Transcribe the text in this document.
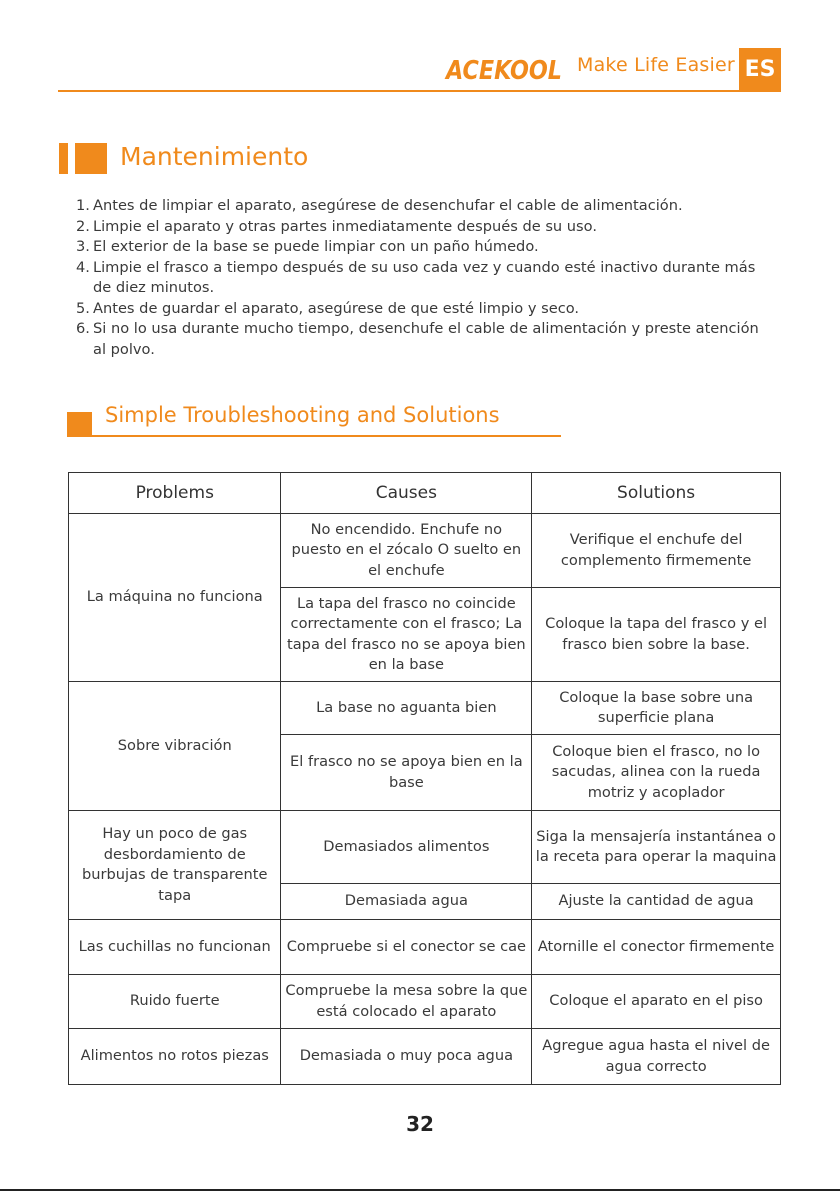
ACEKOOL Make Life Easier ES
Mantenimiento
1. Antes de limpiar el aparato, asegúrese de desenchufar el cable de alimentación.
2. Limpie el aparato y otras partes inmediatamente después de su uso.
3. El exterior de la base se puede limpiar con un paño húmedo.
4. Limpie el frasco a tiempo después de su uso cada vez y cuando esté inactivo durante más de diez minutos.
5. Antes de guardar el aparato, asegúrese de que esté limpio y seco.
6. Si no lo usa durante mucho tiempo, desenchufe el cable de alimentación y preste atención al polvo.
Simple Troubleshooting and Solutions
Problems	Causes	Solutions
La máquina no funciona	No encendido. Enchufe no puesto en el zócalo O suelto en el enchufe	Verifique el enchufe del complemento firmemente
	La tapa del frasco no coincide correctamente con el frasco; La tapa del frasco no se apoya bien en la base	Coloque la tapa del frasco y el frasco bien sobre la base.
Sobre vibración	La base no aguanta bien	Coloque la base sobre una superficie plana
	El frasco no se apoya bien en la base	Coloque bien el frasco, no lo sacudas, alinea con la rueda motriz y acoplador
Hay un poco de gas desbordamiento de burbujas de transparente tapa	Demasiados alimentos	Siga la mensajería instantánea o la receta para operar la maquina
	Demasiada agua	Ajuste la cantidad de agua
Las cuchillas no funcionan	Compruebe si el conector se cae	Atornille el conector firmemente
Ruido fuerte	Compruebe la mesa sobre la que está colocado el aparato	Coloque el aparato en el piso
Alimentos no rotos piezas	Demasiada o muy poca agua	Agregue agua hasta el nivel de agua correcto
32
